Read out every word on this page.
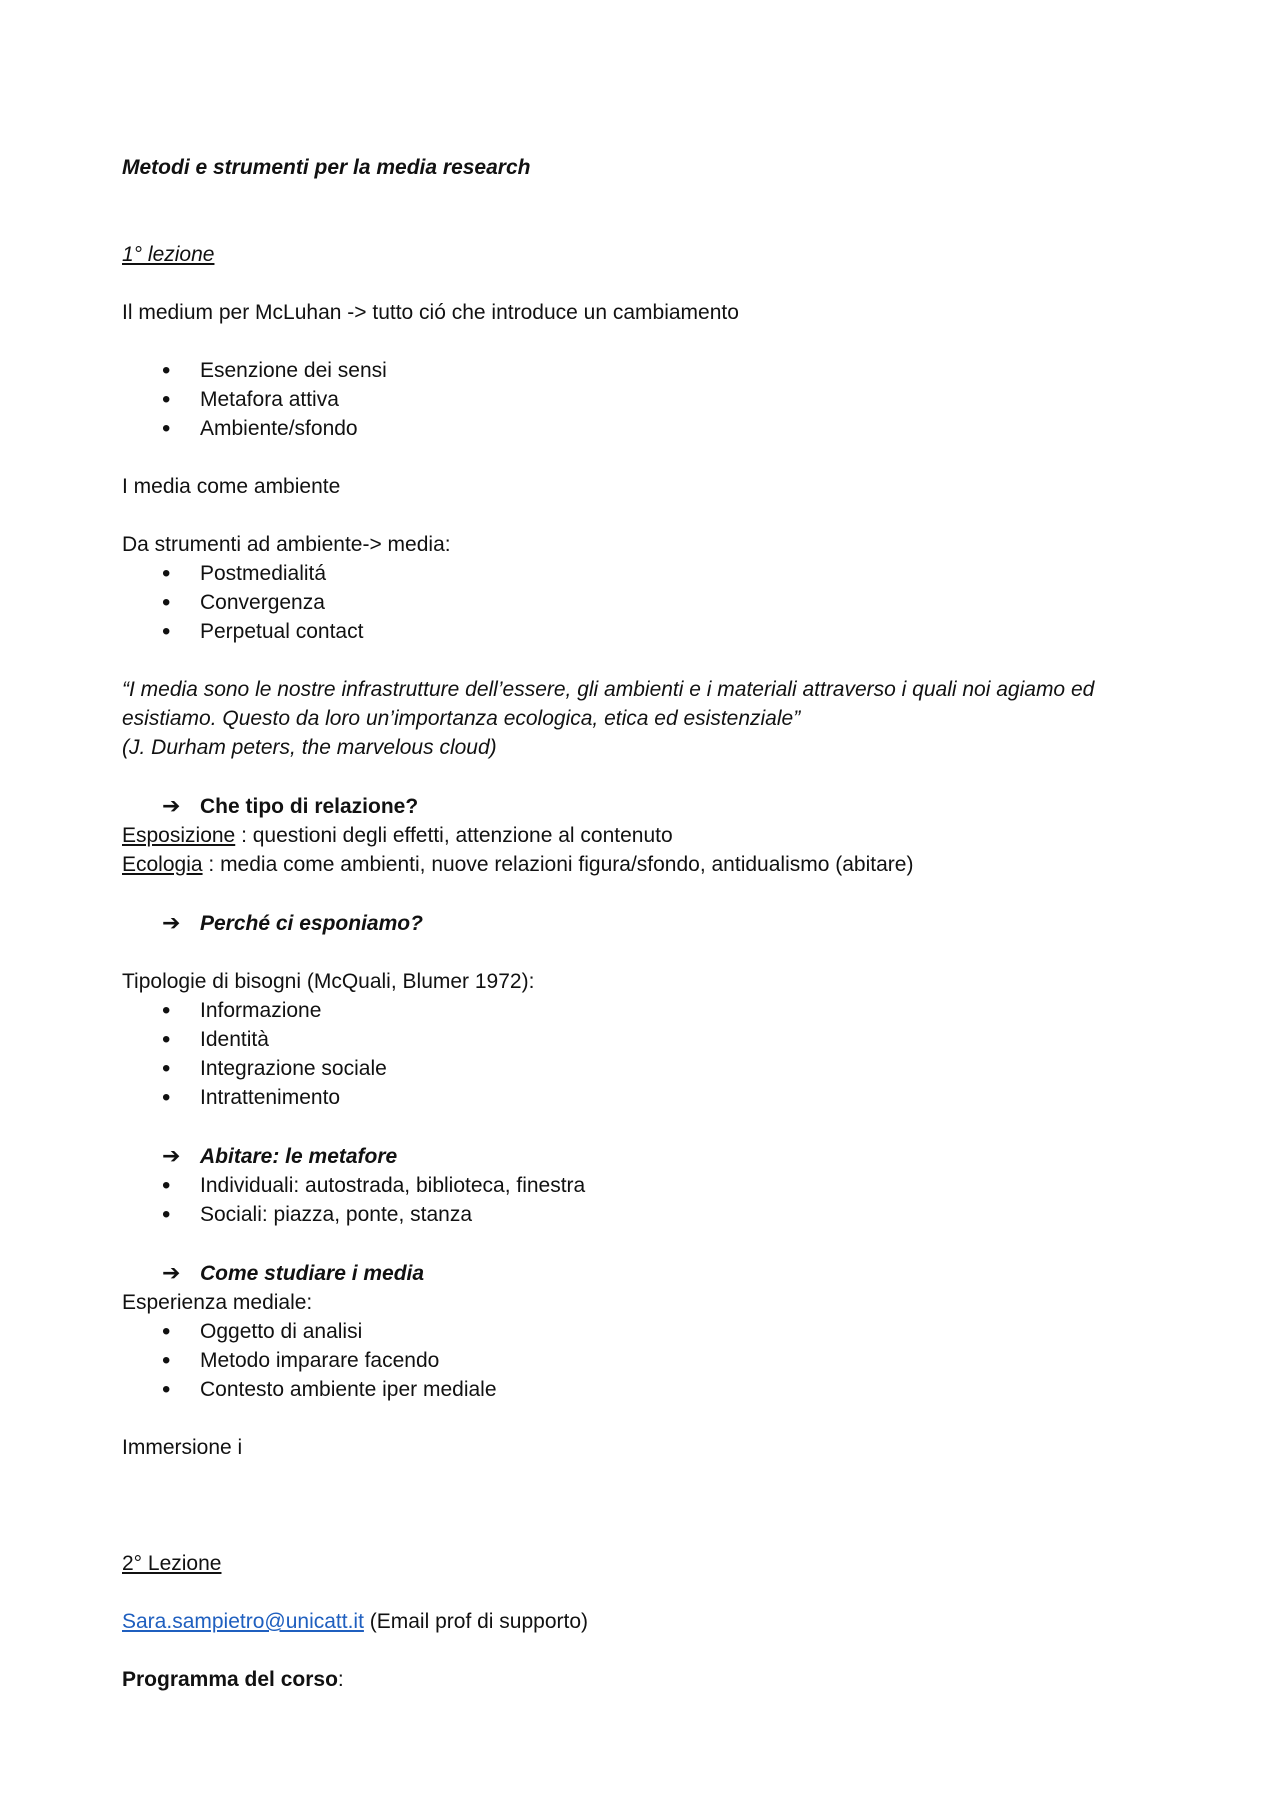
Metodi e strumenti per la media research

1° lezione

Il medium per McLuhan -> tutto ció che introduce un cambiamento

• Esenzione dei sensi
• Metafora attiva
• Ambiente/sfondo

I media come ambiente

Da strumenti ad ambiente-> media:

• Postmedialitá
• Convergenza
• Perpetual contact

“I media sono le nostre infrastrutture dell’essere, gli ambienti e i materiali attraverso i quali noi agiamo ed esistiamo. Questo da loro un’importanza ecologica, etica ed esistenziale”

(J. Durham peters, the marvelous cloud)

➔ Che tipo di relazione?

Esposizione : questioni degli effetti, attenzione al contenuto

Ecologia : media come ambienti, nuove relazioni figura/sfondo, antidualismo (abitare)

➔ Perché ci esponiamo?

Tipologie di bisogni (McQuali, Blumer 1972):

• Informazione
• Identità
• Integrazione sociale
• Intrattenimento

➔ Abitare: le metafore

• Individuali: autostrada, biblioteca, finestra
• Sociali: piazza, ponte, stanza

➔ Come studiare i media

Esperienza mediale:

• Oggetto di analisi
• Metodo imparare facendo
• Contesto ambiente iper mediale

Immersione i

2° Lezione

Sara.sampietro@unicatt.it (Email prof di supporto)

Programma del corso:
